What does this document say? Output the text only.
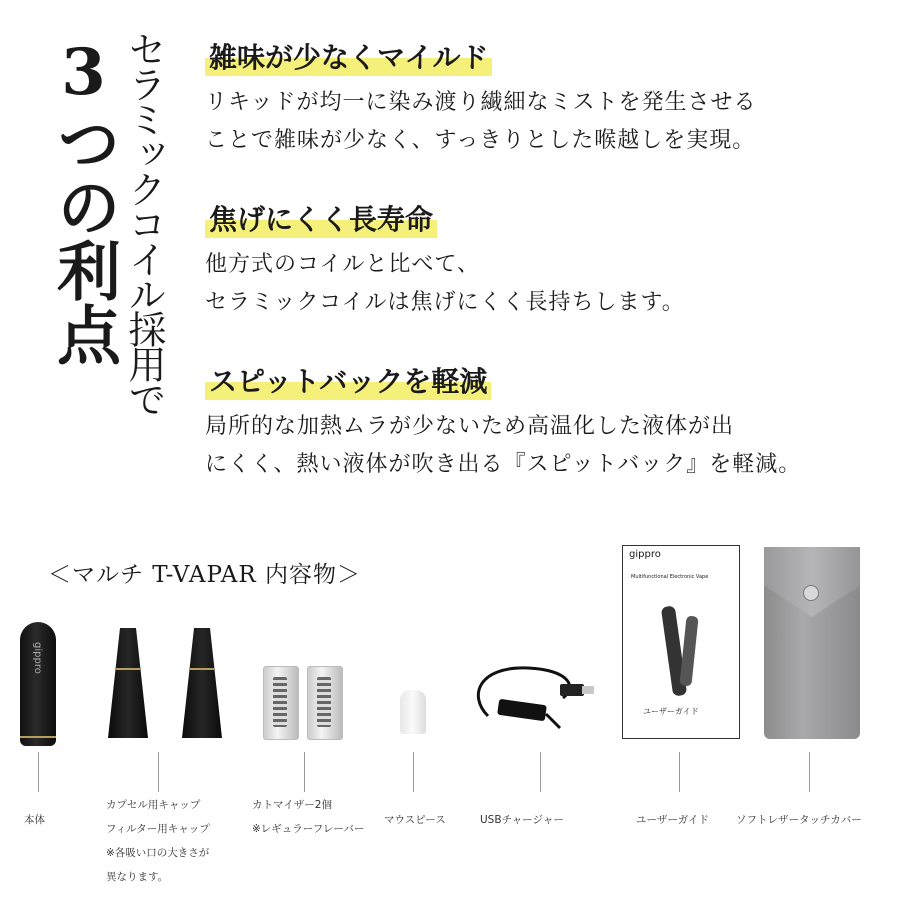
3つの利点 セラミックコイル採用で 雑味が少なくマイルド

リキッドが均一に染み渡り繊細なミストを発生させる
ことで雑味が少なく、すっきりとした喉越しを実現。

焦げにくく長寿命

他方式のコイルと比べて、
セラミックコイルは焦げにくく長持ちします。

スピットバックを軽減

局所的な加熱ムラが少ないため高温化した液体が出
にくく、熱い液体が吹き出る『スピットバック』を軽減。

＜マルチ T-VAPAR 内容物＞
gippro
gippro
Multifunctional Electronic Vape
ユーザーガイド
本体
カプセル用キャップ
フィルター用キャップ
※各吸い口の大きさが
異なります。
カトマイザー2個
※レギュラーフレーバー
マウスピース	USBチャージャー	ユーザーガイド	ソフトレザータッチカバー
